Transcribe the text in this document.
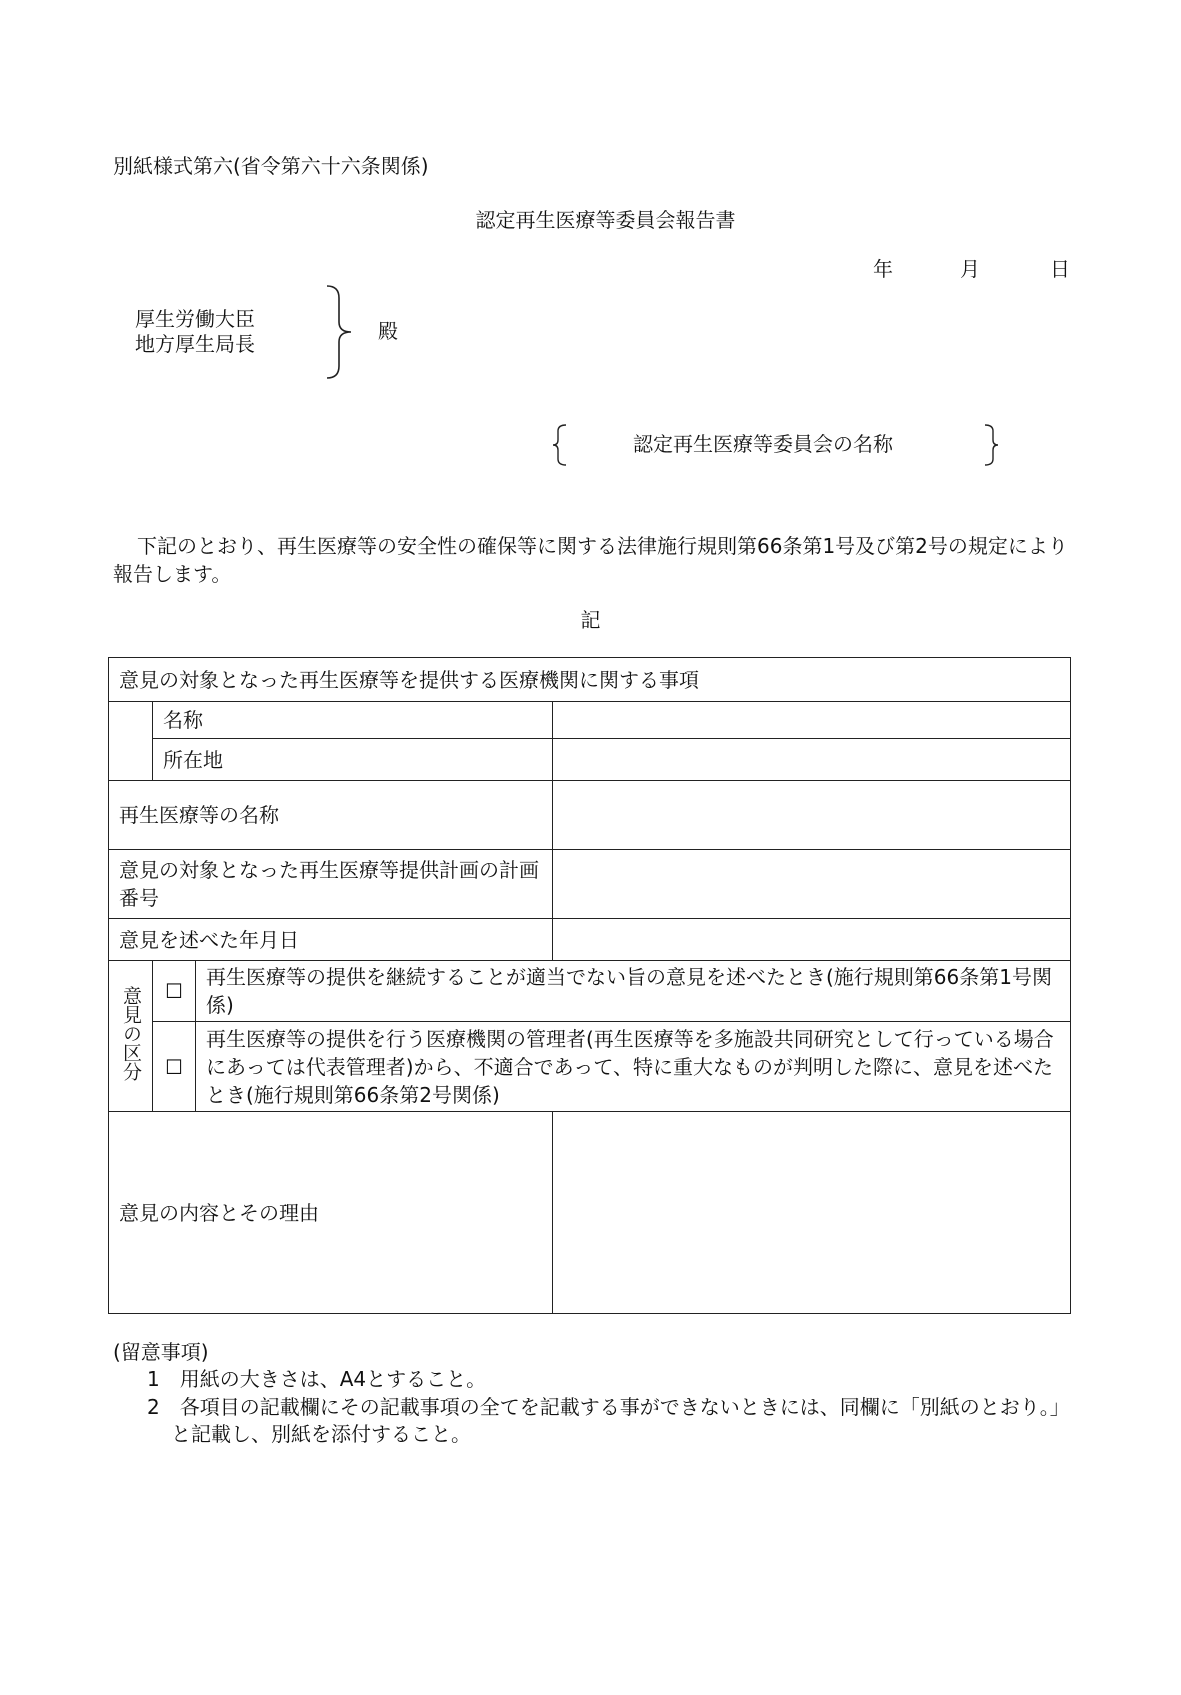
別紙様式第六(省令第六十六条関係)
認定再生医療等委員会報告書
年	月	日
厚生労働大臣
地方厚生局長
殿
認定再生医療等委員会の名称
下記のとおり、再生医療等の安全性の確保等に関する法律施行規則第66条第1号及び第2号の規定により報告します。
記
意見の対象となった再生医療等を提供する医療機関に関する事項			
	名称		
	所在地		
再生医療等の名称			
意見の対象となった再生医療等提供計画の計画番号			
意見を述べた年月日			
意見の区分	☐	再生医療等の提供を継続することが適当でない旨の意見を述べたとき(施行規則第66条第1号関係)	
	☐	再生医療等の提供を行う医療機関の管理者(再生医療等を多施設共同研究として行っている場合にあっては代表管理者)から、不適合であって、特に重大なものが判明した際に、意見を述べたとき(施行規則第66条第2号関係)	
意見の内容とその理由			
(留意事項)
1　用紙の大きさは、A4とすること。
2　各項目の記載欄にその記載事項の全てを記載する事ができないときには、同欄に「別紙のとおり。」と記載し、別紙を添付すること。
